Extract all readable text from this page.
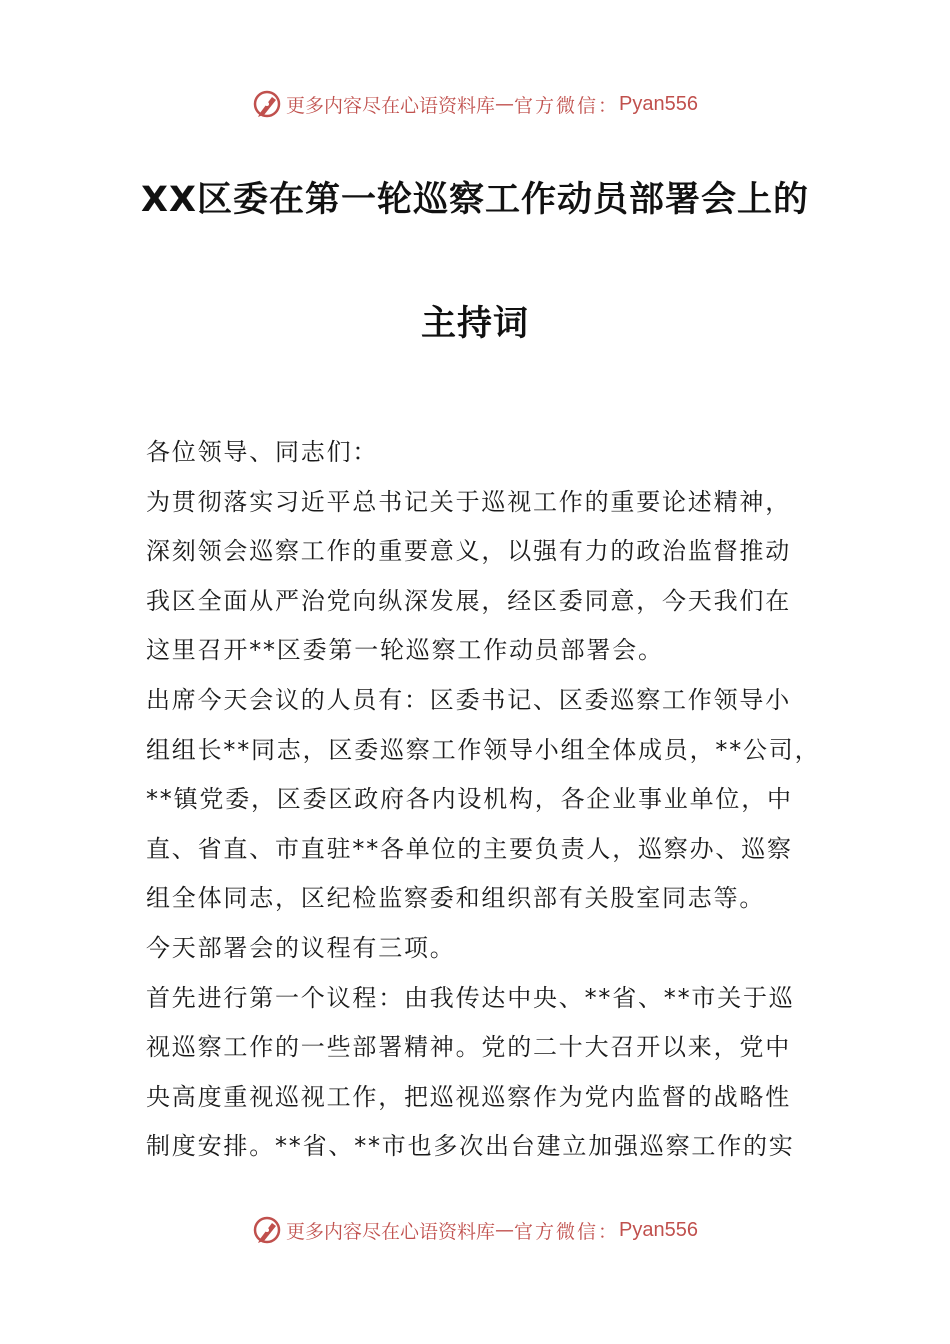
更多内容尽在心语资料库 — 官方微信： Pyan556
XX区委在第一轮巡察工作动员部署会上的
主持词
各位领导、同志们：
为贯彻落实习近平总书记关于巡视工作的重要论述精神，
深刻领会巡察工作的重要意义，以强有力的政治监督推动
我区全面从严治党向纵深发展，经区委同意，今天我们在
这里召开**区委第一轮巡察工作动员部署会。
出席今天会议的人员有：区委书记、区委巡察工作领导小
组组长**同志，区委巡察工作领导小组全体成员，**公司，
**镇党委，区委区政府各内设机构，各企业事业单位，中
直、省直、市直驻**各单位的主要负责人，巡察办、巡察
组全体同志，区纪检监察委和组织部有关股室同志等。
今天部署会的议程有三项。
首先进行第一个议程：由我传达中央、**省、**市关于巡
视巡察工作的一些部署精神。党的二十大召开以来，党中
央高度重视巡视工作，把巡视巡察作为党内监督的战略性
制度安排。**省、**市也多次出台建立加强巡察工作的实
更多内容尽在心语资料库 — 官方微信： Pyan556
